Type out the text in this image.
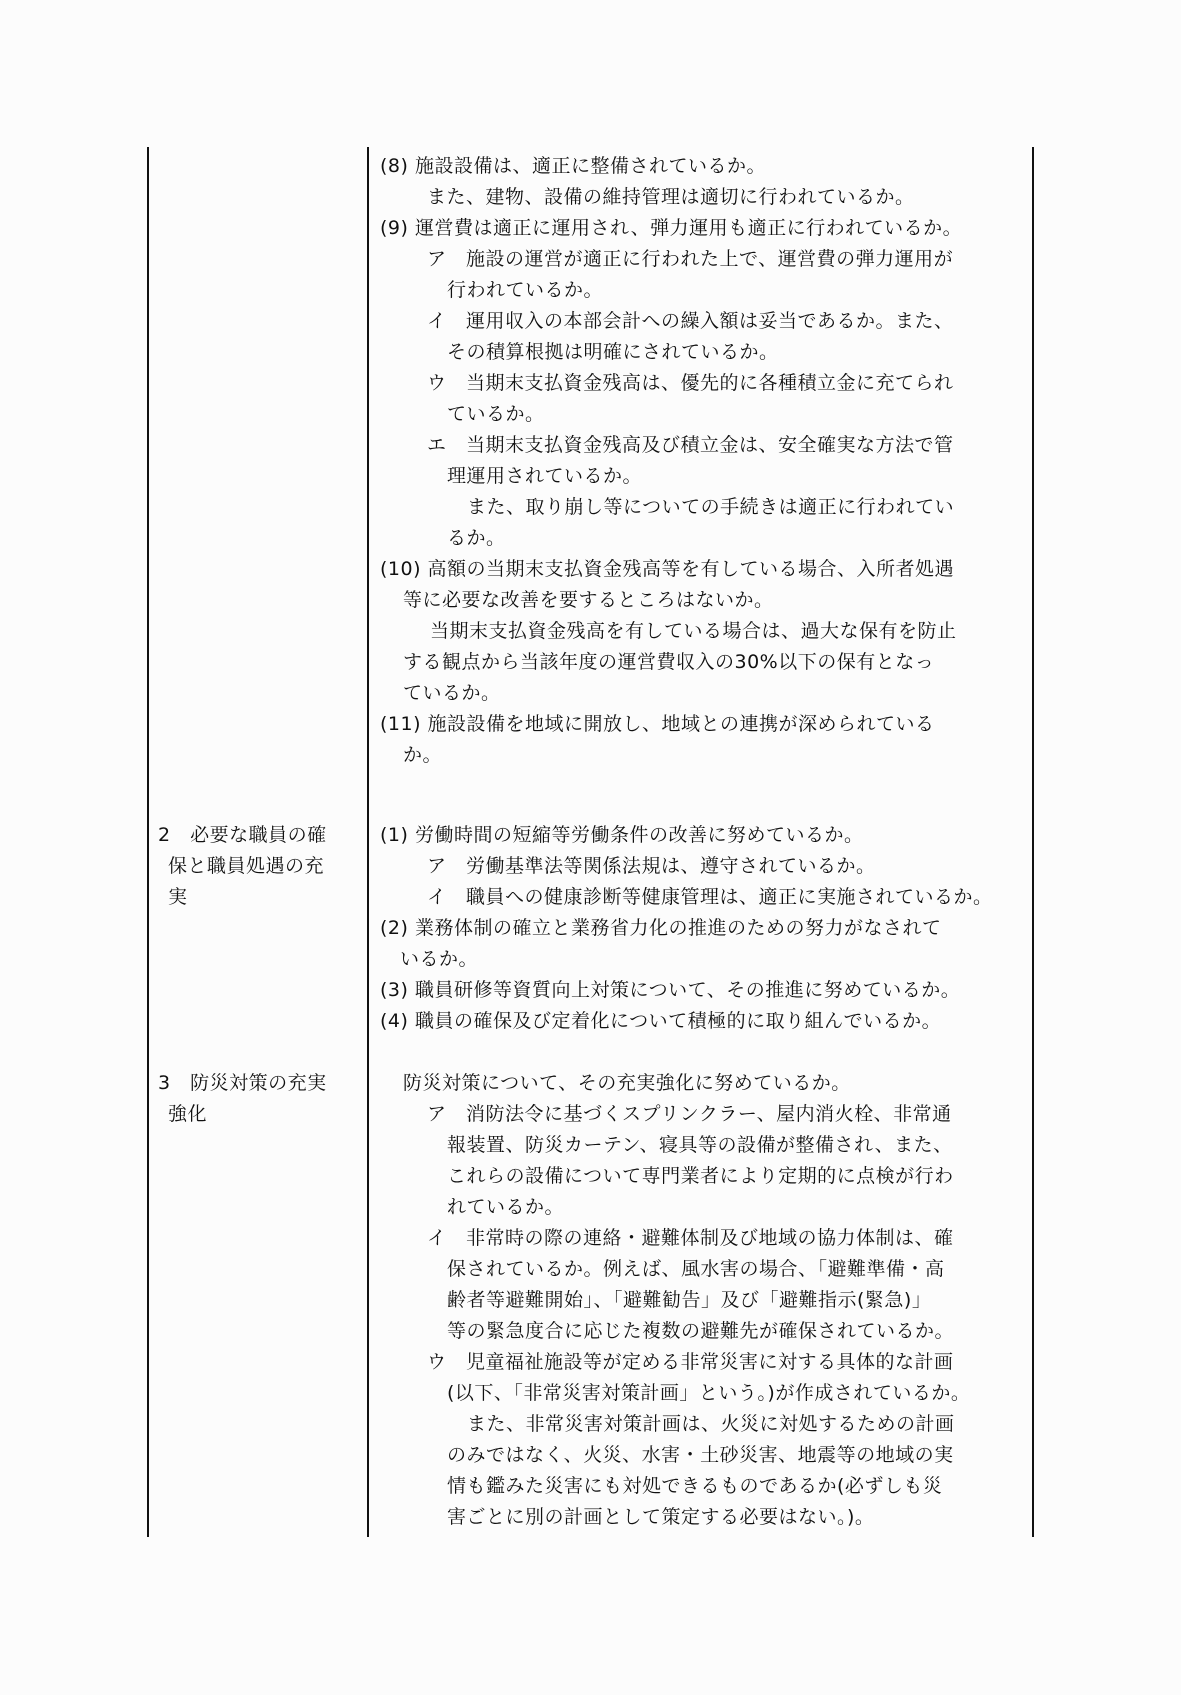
(8) 施設設備は、適正に整備されているか。
また、建物、設備の維持管理は適切に行われているか。
(9) 運営費は適正に運用され、弾力運用も適正に行われているか。
ア　施設の運営が適正に行われた上で、運営費の弾力運用が
行われているか。
イ　運用収入の本部会計への繰入額は妥当であるか。また、
その積算根拠は明確にされているか。
ウ　当期末支払資金残高は、優先的に各種積立金に充てられ
ているか。
エ　当期末支払資金残高及び積立金は、安全確実な方法で管
理運用されているか。
また、取り崩し等についての手続きは適正に行われてい
るか。
(10) 高額の当期末支払資金残高等を有している場合、入所者処遇
等に必要な改善を要するところはないか。
当期末支払資金残高を有している場合は、過大な保有を防止
する観点から当該年度の運営費収入の30%以下の保有となっ
ているか。
(11) 施設設備を地域に開放し、地域との連携が深められている
か。
2　必要な職員の確
保と職員処遇の充
実
(1) 労働時間の短縮等労働条件の改善に努めているか。
ア　労働基準法等関係法規は、遵守されているか。
イ　職員への健康診断等健康管理は、適正に実施されているか。
(2) 業務体制の確立と業務省力化の推進のための努力がなされて
いるか。
(3) 職員研修等資質向上対策について、その推進に努めているか。
(4) 職員の確保及び定着化について積極的に取り組んでいるか。
3　防災対策の充実
強化
防災対策について、その充実強化に努めているか。
ア　消防法令に基づくスプリンクラー、屋内消火栓、非常通
報装置、防災カーテン、寝具等の設備が整備され、また、
これらの設備について専門業者により定期的に点検が行わ
れているか。
イ　非常時の際の連絡・避難体制及び地域の協力体制は、確
保されているか。例えば、風水害の場合、「避難準備・高
齢者等避難開始」、「避難勧告」及び「避難指示(緊急)」
等の緊急度合に応じた複数の避難先が確保されているか。
ウ　児童福祉施設等が定める非常災害に対する具体的な計画
(以下、「非常災害対策計画」という。)が作成されているか。
また、非常災害対策計画は、火災に対処するための計画
のみではなく、火災、水害・土砂災害、地震等の地域の実
情も鑑みた災害にも対処できるものであるか(必ずしも災
害ごとに別の計画として策定する必要はない。)。
